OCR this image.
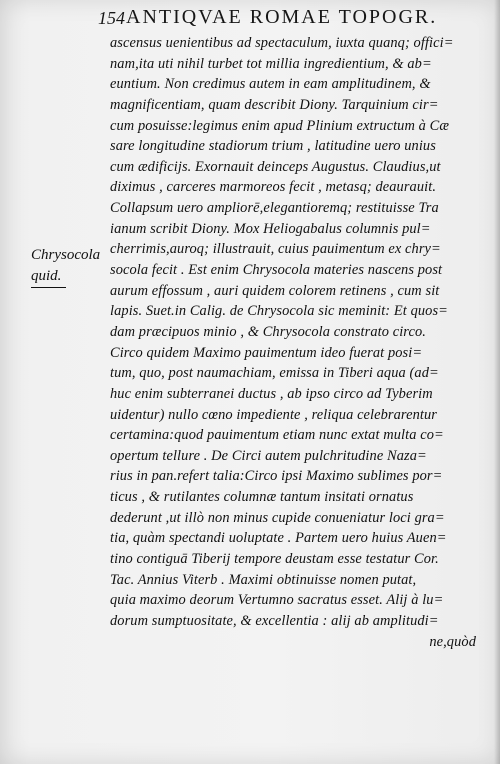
154 ANTIQVAE ROMAE TOPOGR.
Chrysocola
quid.
ascensus uenientibus ad spectaculum, iuxta quanq; offici=
nam,ita uti nihil turbet tot millia ingredientium, & ab=
euntium. Non credimus autem in eam amplitudinem, &
magnificentiam, quam describit Diony. Tarquinium cir=
cum posuisse:legimus enim apud Plinium extructum à Cæ
sare longitudine stadiorum trium , latitudine uero unius
cum ædificijs. Exornauit deinceps Augustus. Claudius,ut
diximus , carceres marmoreos fecit , metasq; deaurauit.
Collapsum uero ampliorē,elegantioremq; restituisse Tra
ianum scribit Diony. Mox Heliogabalus columnis pul=
cherrimis,auroq; illustrauit, cuius pauimentum ex chry=
socola fecit . Est enim Chrysocola materies nascens post
aurum effossum , auri quidem colorem retinens , cum sit
lapis. Suet.in Calig. de Chrysocola sic meminit: Et quos=
dam præcipuos minio , & Chrysocola constrato circo.
Circo quidem Maximo pauimentum ideo fuerat posi=
tum, quo, post naumachiam, emissa in Tiberi aqua (ad=
huc enim subterranei ductus , ab ipso circo ad Tyberim
uidentur) nullo cœno impediente , reliqua celebrarentur
certamina:quod pauimentum etiam nunc extat multa co=
opertum tellure . De Circi autem pulchritudine Naza=
rius in pan.refert talia:Circo ipsi Maximo sublimes por=
ticus , & rutilantes columnæ tantum insitati ornatus
dederunt ,ut illò non minus cupide conueniatur loci gra=
tia, quàm spectandi uoluptate . Partem uero huius Auen=
tino contiguā Tiberij tempore deustam esse testatur Cor.
Tac. Annius Viterb . Maximi obtinuisse nomen putat,
quia maximo deorum Vertumno sacratus esset. Alij à lu=
dorum sumptuositate, & excellentia : alij ab amplitudi=
ne,quòd
